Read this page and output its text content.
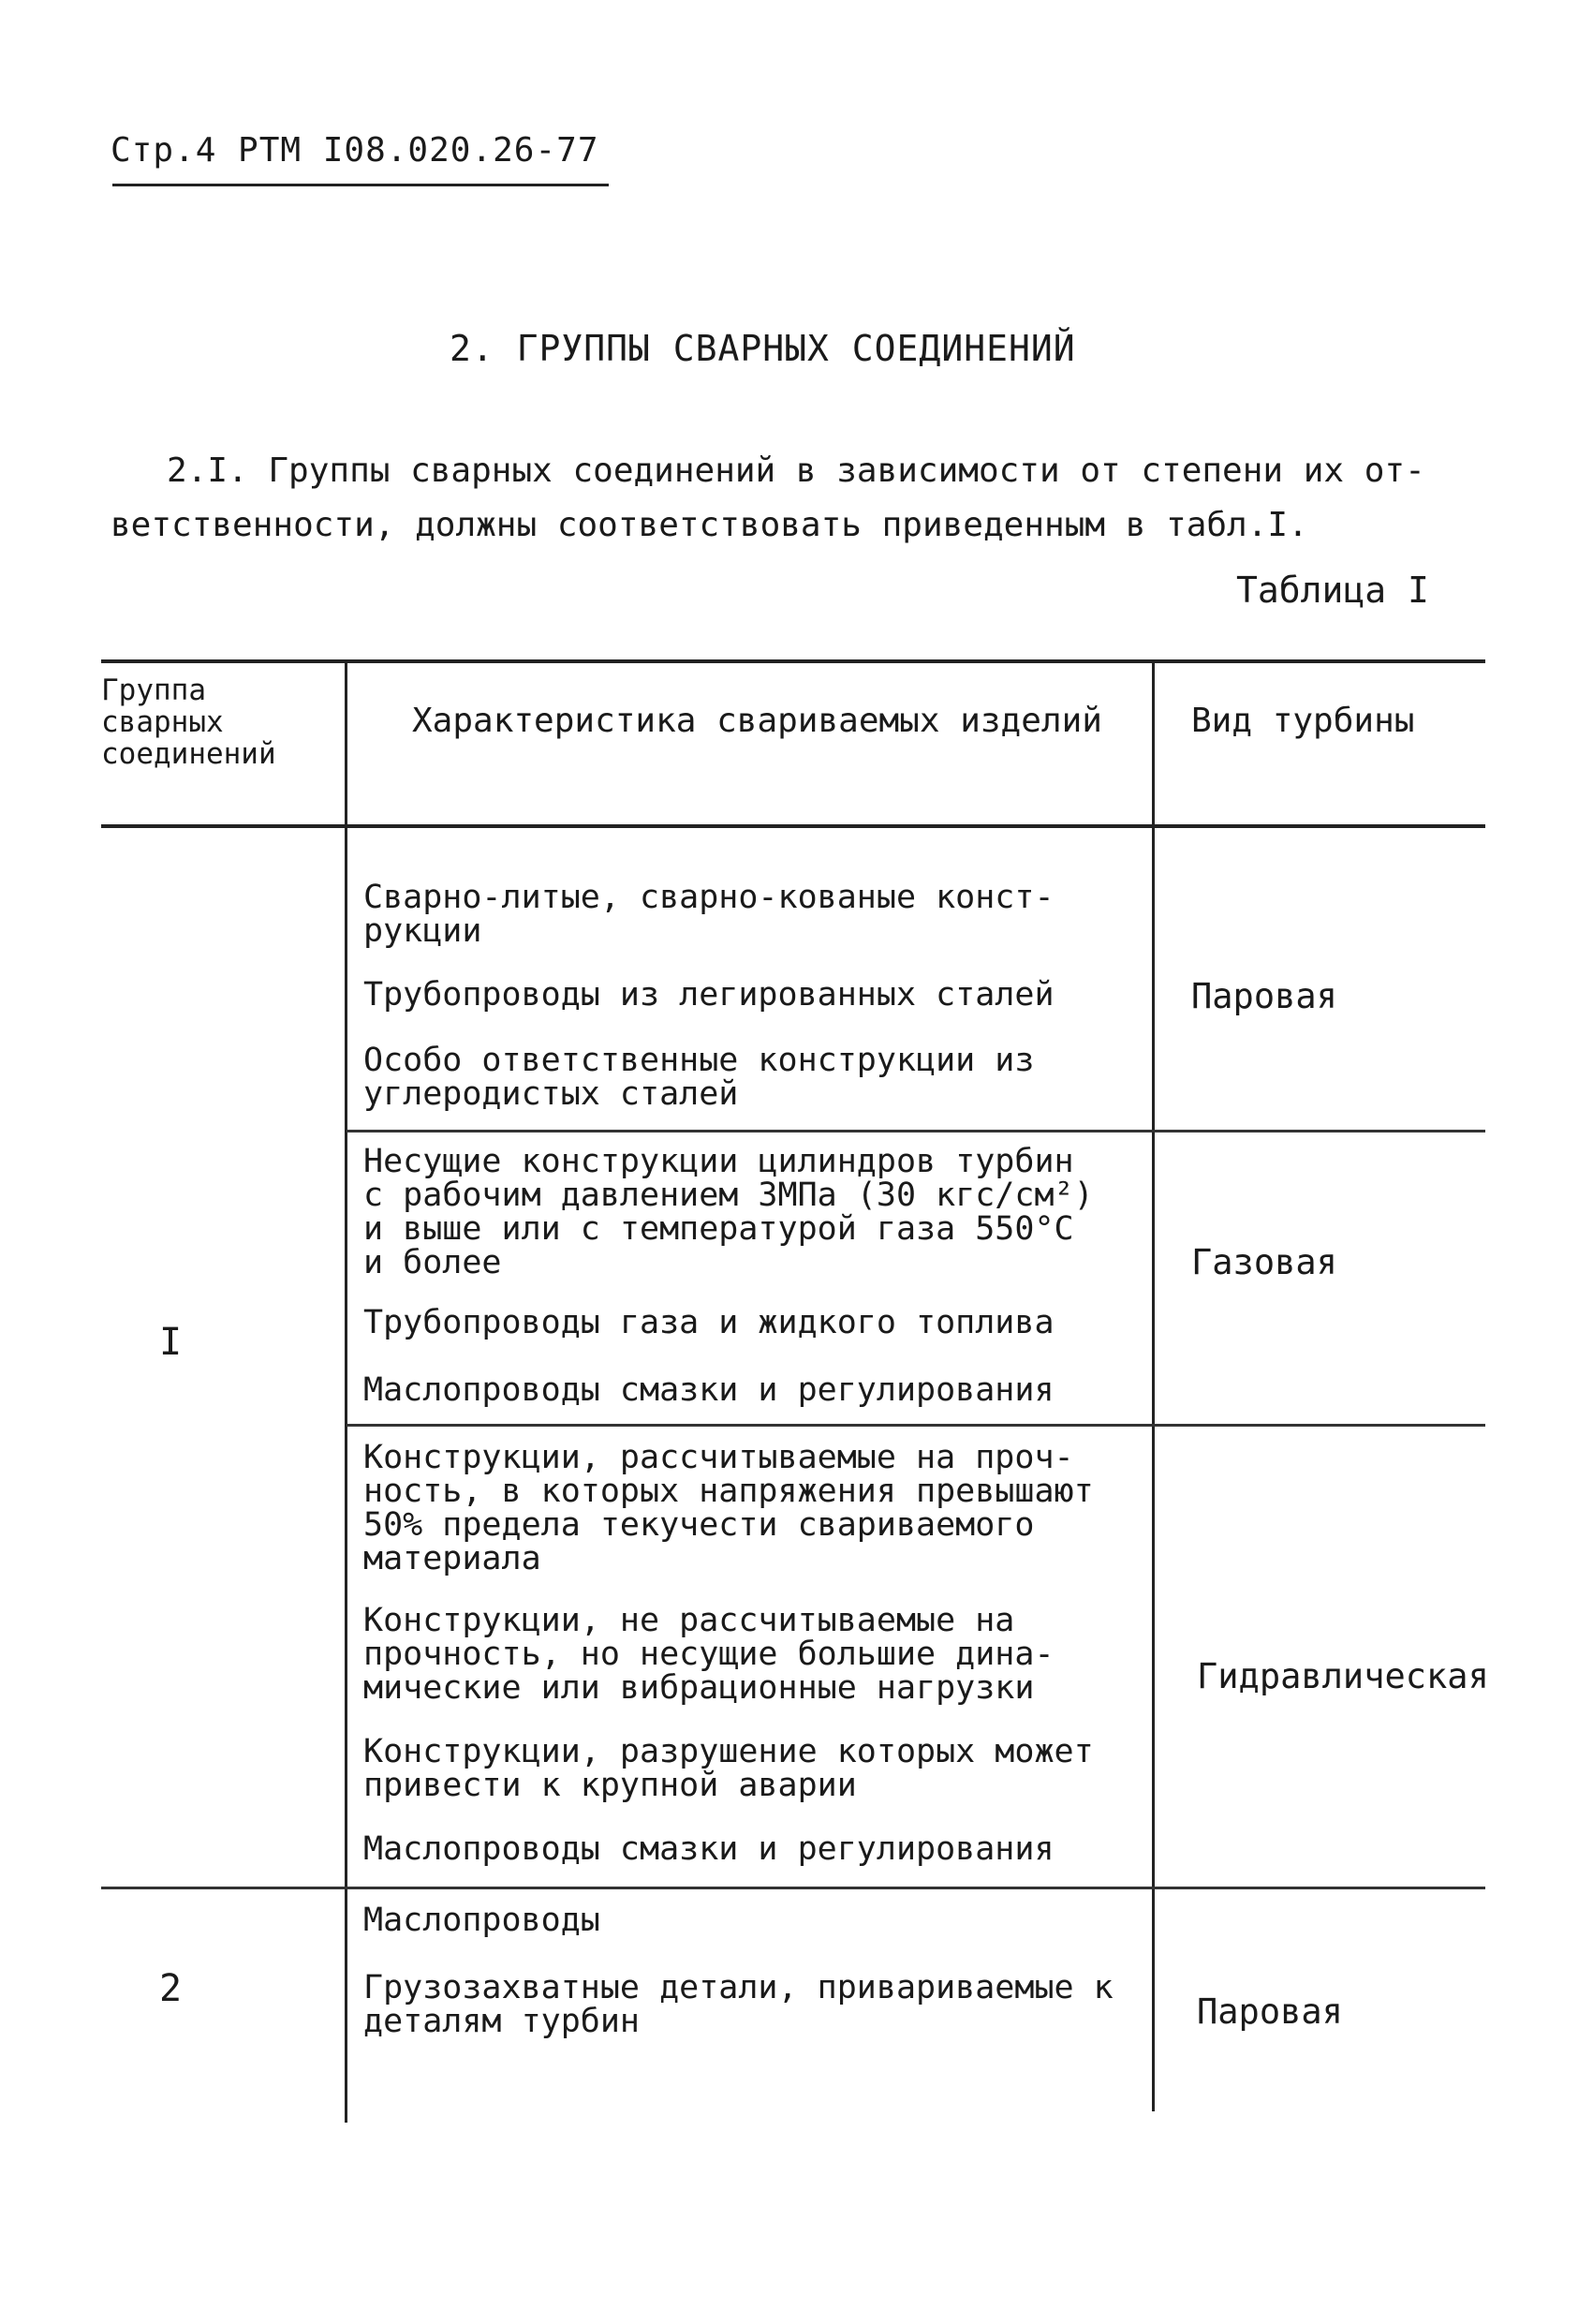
Стр.4 РТМ I08.020.26-77
2. ГРУППЫ СВАРНЫХ СОЕДИНЕНИЙ
2.I. Группы сварных соединений в зависимости от степени их от-
ветственности, должны соответствовать приведенным в табл.I.
Таблица I
Группа
сварных
соединений
Характеристика свариваемых изделий	Вид турбины
I
2
Паровая
Газовая
Гидравлическая
Паровая
Сварно-литые, сварно-кованые конст-
рукции
Трубопроводы из легированных сталей
Особо ответственные конструкции из
углеродистых сталей
Несущие конструкции цилиндров турбин
с рабочим давлением 3МПа (30 кгс/см²)
и выше или с температурой газа 550°С
и более
Трубопроводы газа и жидкого топлива
Маслопроводы смазки и регулирования
Конструкции, рассчитываемые на проч-
ность, в которых напряжения превышают
50% предела текучести свариваемого
материала
Конструкции, не рассчитываемые на
прочность, но несущие большие дина-
мические или вибрационные нагрузки
Конструкции, разрушение которых может
привести к крупной аварии
Маслопроводы смазки и регулирования
Маслопроводы
Грузозахватные детали, привариваемые к
деталям турбин
